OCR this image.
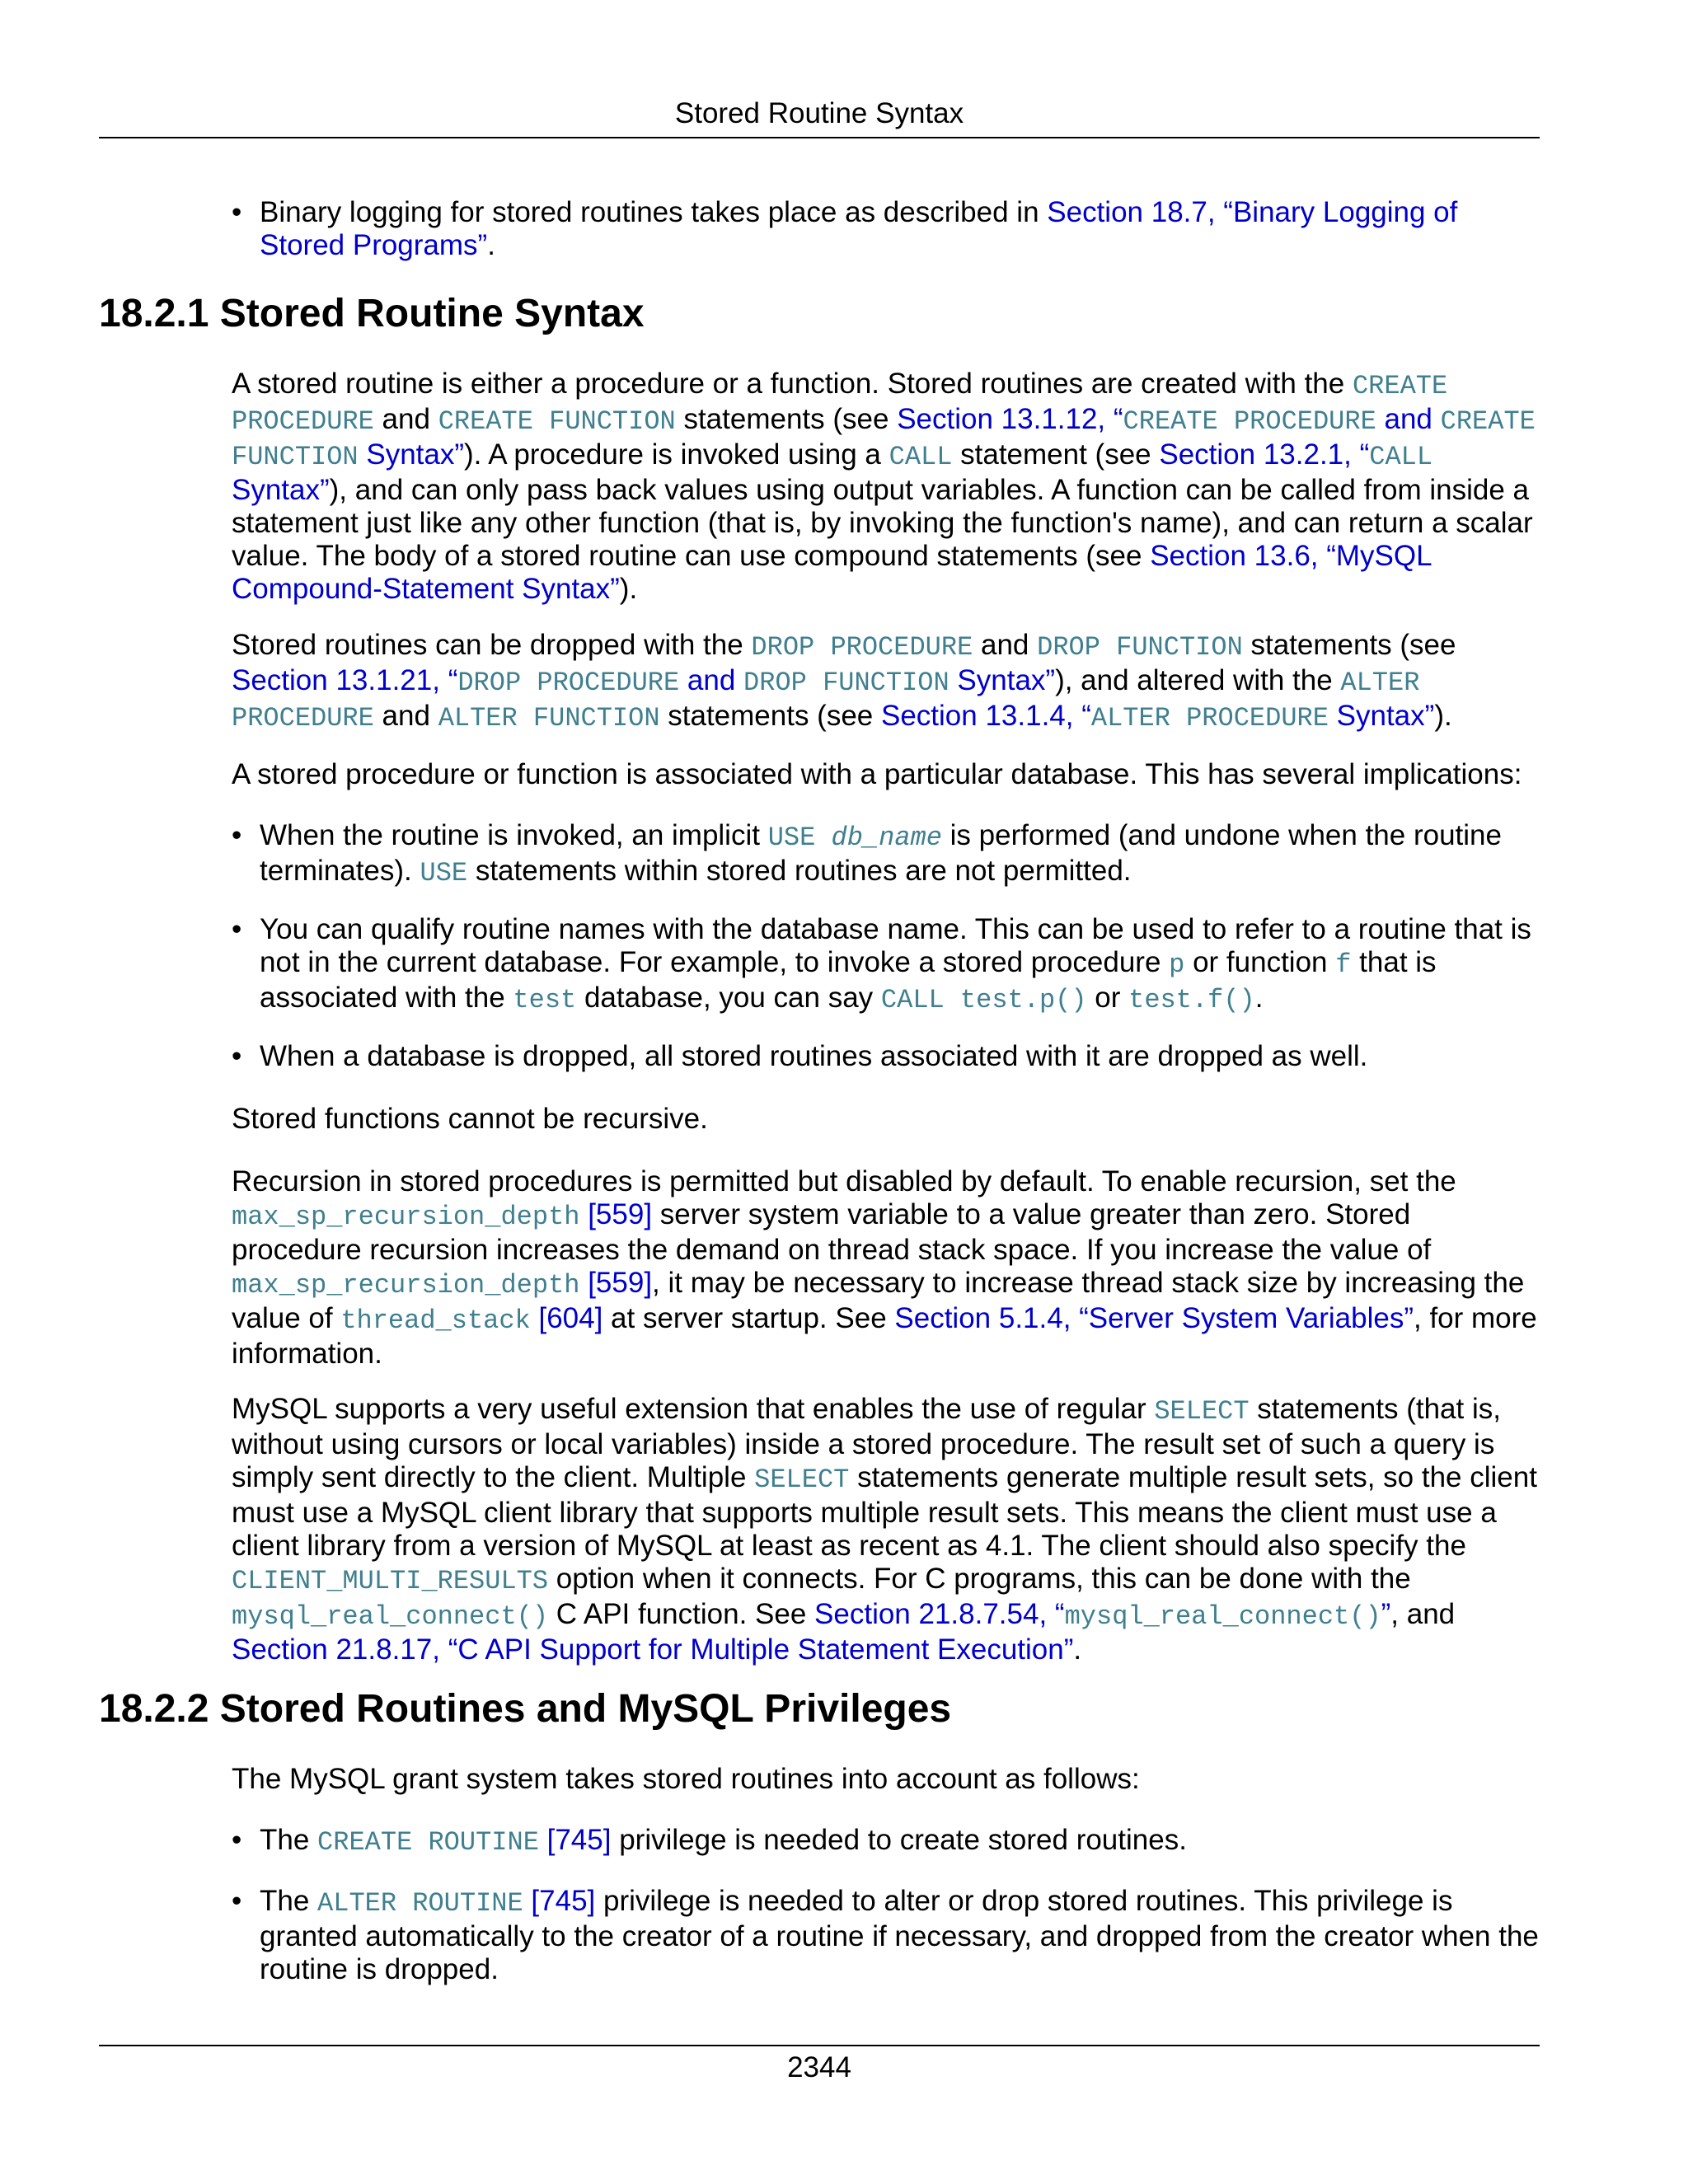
Stored Routine Syntax
• Binary logging for stored routines takes place as described in Section 18.7, “Binary Logging of Stored Programs”.
18.2.1 Stored Routine Syntax
A stored routine is either a procedure or a function. Stored routines are created with the CREATE PROCEDURE and CREATE FUNCTION statements (see Section 13.1.12, “CREATE PROCEDURE and CREATE FUNCTION Syntax”). A procedure is invoked using a CALL statement (see Section 13.2.1, “CALL Syntax”), and can only pass back values using output variables. A function can be called from inside a statement just like any other function (that is, by invoking the function's name), and can return a scalar value. The body of a stored routine can use compound statements (see Section 13.6, “MySQL Compound-Statement Syntax”).
Stored routines can be dropped with the DROP PROCEDURE and DROP FUNCTION statements (see Section 13.1.21, “DROP PROCEDURE and DROP FUNCTION Syntax”), and altered with the ALTER PROCEDURE and ALTER FUNCTION statements (see Section 13.1.4, “ALTER PROCEDURE Syntax”).
A stored procedure or function is associated with a particular database. This has several implications:
• When the routine is invoked, an implicit USE db_name is performed (and undone when the routine terminates). USE statements within stored routines are not permitted.
• You can qualify routine names with the database name. This can be used to refer to a routine that is not in the current database. For example, to invoke a stored procedure p or function f that is associated with the test database, you can say CALL test.p() or test.f().
• When a database is dropped, all stored routines associated with it are dropped as well.
Stored functions cannot be recursive.
Recursion in stored procedures is permitted but disabled by default. To enable recursion, set the max_sp_recursion_depth [559] server system variable to a value greater than zero. Stored procedure recursion increases the demand on thread stack space. If you increase the value of max_sp_recursion_depth [559], it may be necessary to increase thread stack size by increasing the value of thread_stack [604] at server startup. See Section 5.1.4, “Server System Variables”, for more information.
MySQL supports a very useful extension that enables the use of regular SELECT statements (that is, without using cursors or local variables) inside a stored procedure. The result set of such a query is simply sent directly to the client. Multiple SELECT statements generate multiple result sets, so the client must use a MySQL client library that supports multiple result sets. This means the client must use a client library from a version of MySQL at least as recent as 4.1. The client should also specify the CLIENT_MULTI_RESULTS option when it connects. For C programs, this can be done with the mysql_real_connect() C API function. See Section 21.8.7.54, “mysql_real_connect()”, and Section 21.8.17, “C API Support for Multiple Statement Execution”.
18.2.2 Stored Routines and MySQL Privileges
The MySQL grant system takes stored routines into account as follows:
• The CREATE ROUTINE [745] privilege is needed to create stored routines.
• The ALTER ROUTINE [745] privilege is needed to alter or drop stored routines. This privilege is granted automatically to the creator of a routine if necessary, and dropped from the creator when the routine is dropped.
2344
